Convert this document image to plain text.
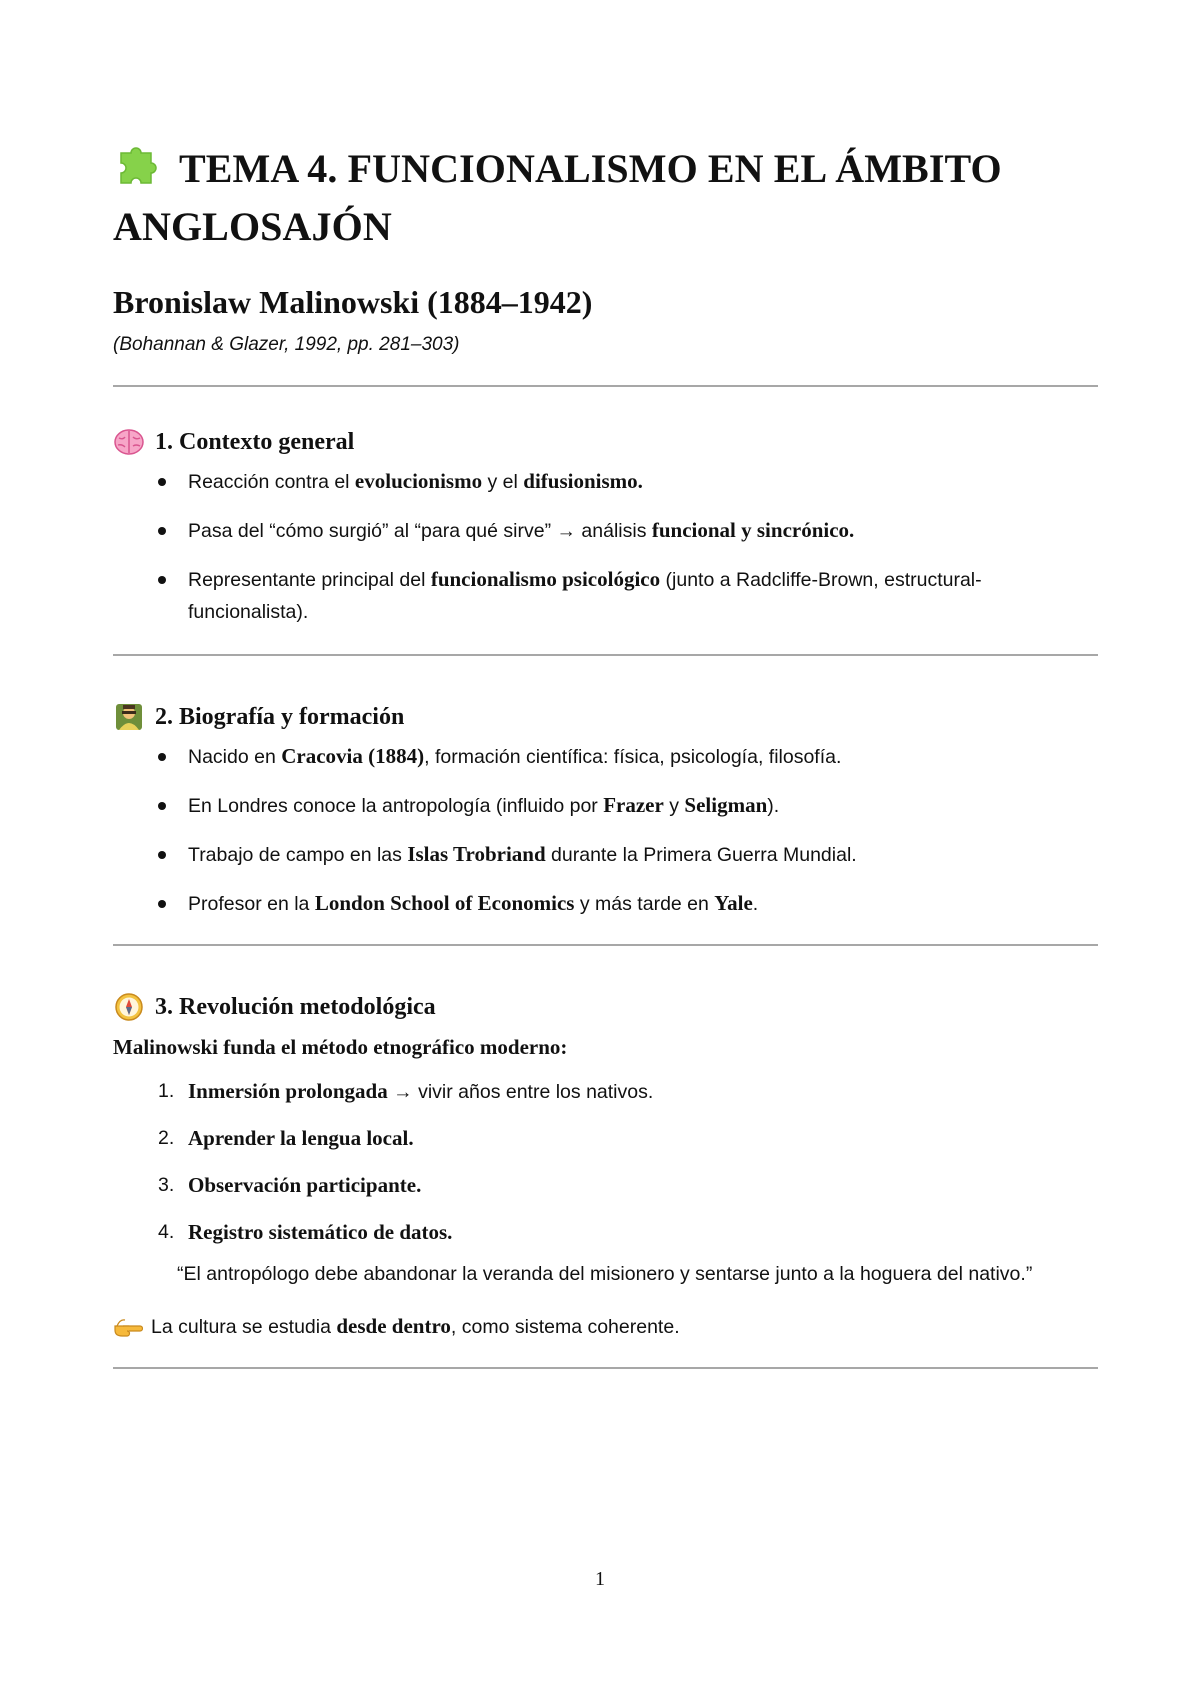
TEMA 4. FUNCIONALISMO EN EL ÁMBITO ANGLOSAJÓN
Bronislaw Malinowski (1884–1942)

(Bohannan & Glazer, 1992, pp. 281–303)

1. Contexto general
Reacción contra el evolucionismo y el difusionismo.
Pasa del “cómo surgió” al “para qué sirve” → análisis funcional y sincrónico.
Representante principal del funcionalismo psicológico (junto a Radcliffe-Brown, estructural-funcionalista).
2. Biografía y formación
Nacido en Cracovia (1884), formación científica: física, psicología, filosofía.
En Londres conoce la antropología (influido por Frazer y Seligman).
Trabajo de campo en las Islas Trobriand durante la Primera Guerra Mundial.
Profesor en la London School of Economics y más tarde en Yale.
3. Revolución metodológica

Malinowski funda el método etnográfico moderno:

1. Inmersión prolongada → vivir años entre los nativos.
2. Aprender la lengua local.
3. Observación participante.
4. Registro sistemático de datos.

“El antropólogo debe abandonar la veranda del misionero y sentarse junto a la hoguera del nativo.”

La cultura se estudia desde dentro, como sistema coherente.

1
